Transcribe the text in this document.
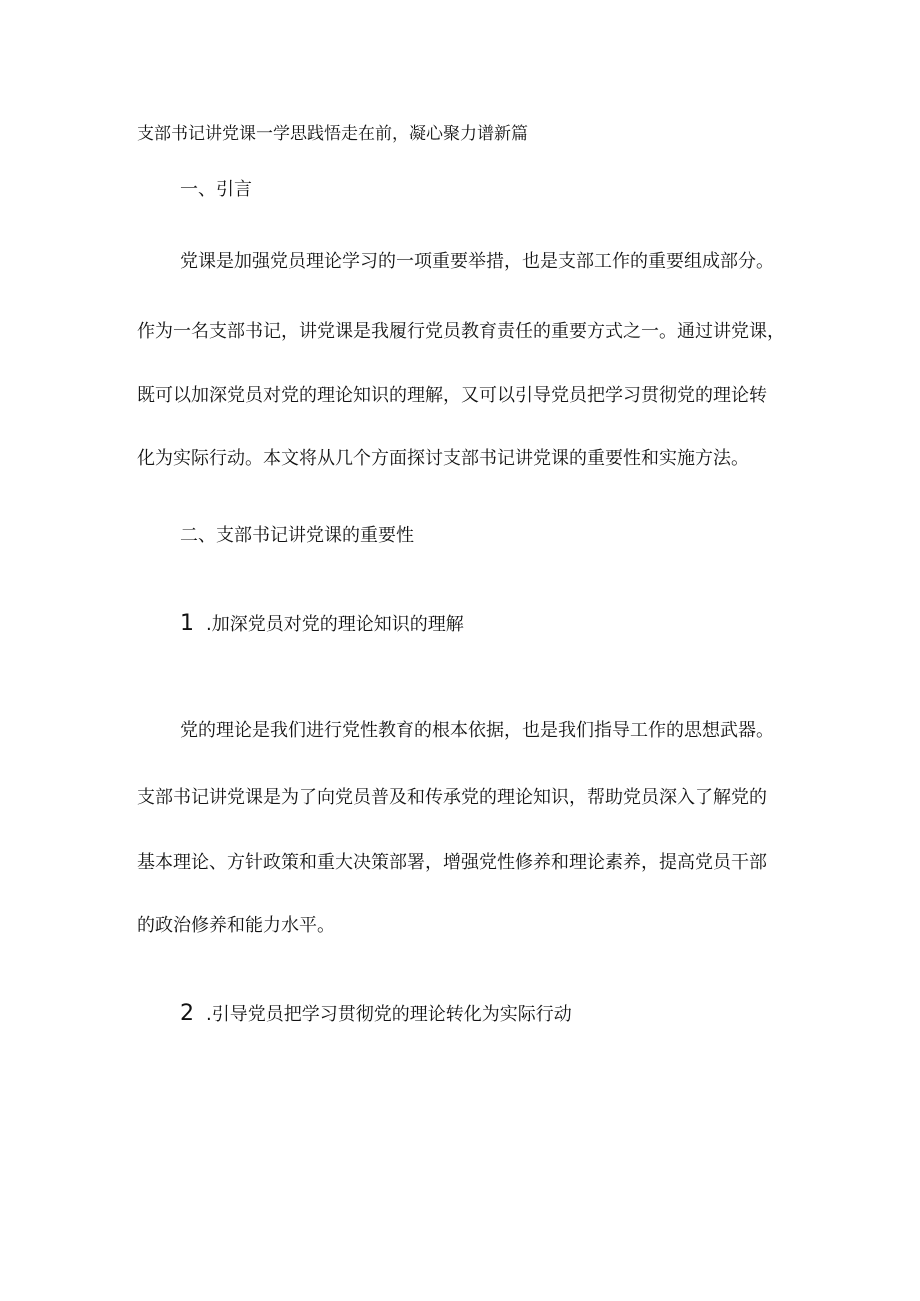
支部书记讲党课一学思践悟走在前，凝心聚力谱新篇

一、引言

党课是加强党员理论学习的一项重要举措，也是支部工作的重要组成部分。

作为一名支部书记，讲党课是我履行党员教育责任的重要方式之一。通过讲党课，

既可以加深党员对党的理论知识的理解，又可以引导党员把学习贯彻党的理论转

化为实际行动。本文将从几个方面探讨支部书记讲党课的重要性和实施方法。

二、支部书记讲党课的重要性

1 .加深党员对党的理论知识的理解

党的理论是我们进行党性教育的根本依据，也是我们指导工作的思想武器。

支部书记讲党课是为了向党员普及和传承党的理论知识，帮助党员深入了解党的

基本理论、方针政策和重大决策部署，增强党性修养和理论素养，提高党员干部

的政治修养和能力水平。

2 .引导党员把学习贯彻党的理论转化为实际行动
